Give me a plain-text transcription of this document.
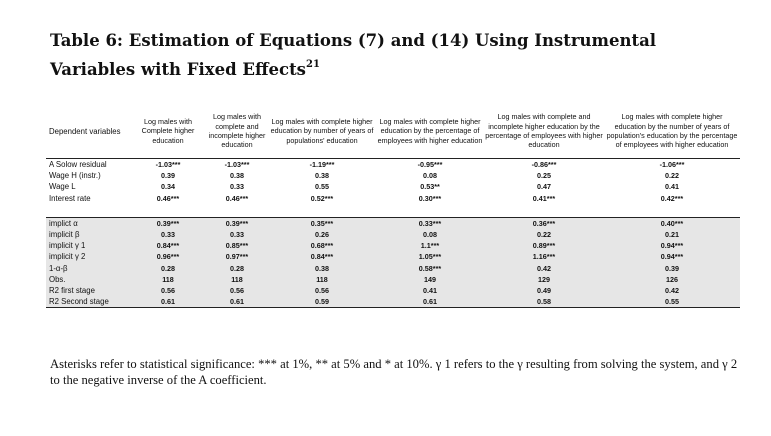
Table 6: Estimation of Equations (7) and (14) Using Instrumental Variables with Fixed Effects$^{21}$
Dependent variables	Log males with Complete higher education	Log males with complete and incomplete higher education	Log males with complete higher education by number of years of populations' education	Log males with complete higher education by the percentage of employees with higher education	Log males with complete and incomplete higher education by the percentage of employees with higher education	Log males with complete higher education by the number of years of population's education by the percentage of employees with higher education
A Solow residual	-1.03***	-1.03***	-1.19***	-0.95***	-0.86***	-1.06***
Wage H (instr.)	0.39	0.38	0.38	0.08	0.25	0.22
Wage L	0.34	0.33	0.55	0.53**	0.47	0.41
Interest rate	0.46***	0.46***	0.52***	0.30***	0.41***	0.42***

implict α	0.39***	0.39***	0.35***	0.33***	0.36***	0.40***
implicit β	0.33	0.33	0.26	0.08	0.22	0.21
implicit γ 1	0.84***	0.85***	0.68***	1.1***	0.89***	0.94***
implicit γ 2	0.96***	0.97***	0.84***	1.05***	1.16***	0.94***
1-α-β	0.28	0.28	0.38	0.58***	0.42	0.39
Obs.	118	118	118	149	129	126
R2 first stage	0.56	0.56	0.56	0.41	0.49	0.42
R2 Second stage	0.61	0.61	0.59	0.61	0.58	0.55

Asterisks refer to statistical significance: *** at 1%, ** at 5% and * at 10%. γ 1 refers to the γ resulting from solving the system, and γ 2 to the negative inverse of the A coefficient.
